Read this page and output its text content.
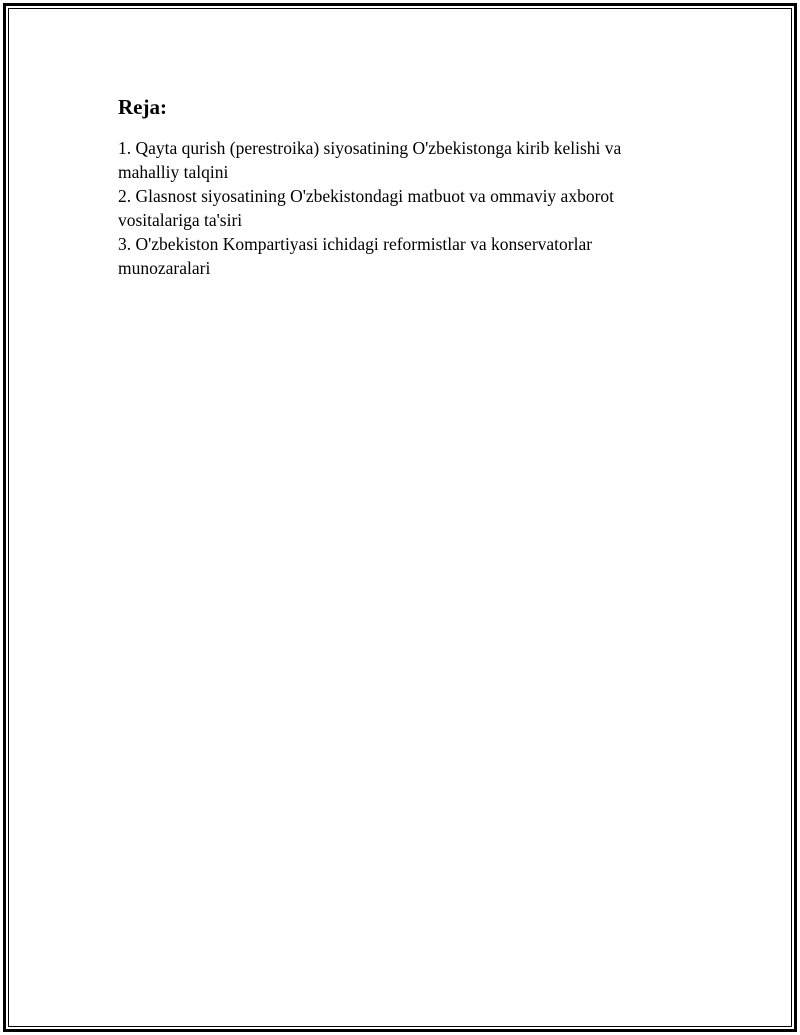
Reja:
1. Qayta qurish (perestroika) siyosatining O'zbekistonga kirib kelishi va mahalliy talqini
2. Glasnost siyosatining O'zbekistondagi matbuot va ommaviy axborot vositalariga ta'siri
3. O'zbekiston Kompartiyasi ichidagi reformistlar va konservatorlar munozaralari
